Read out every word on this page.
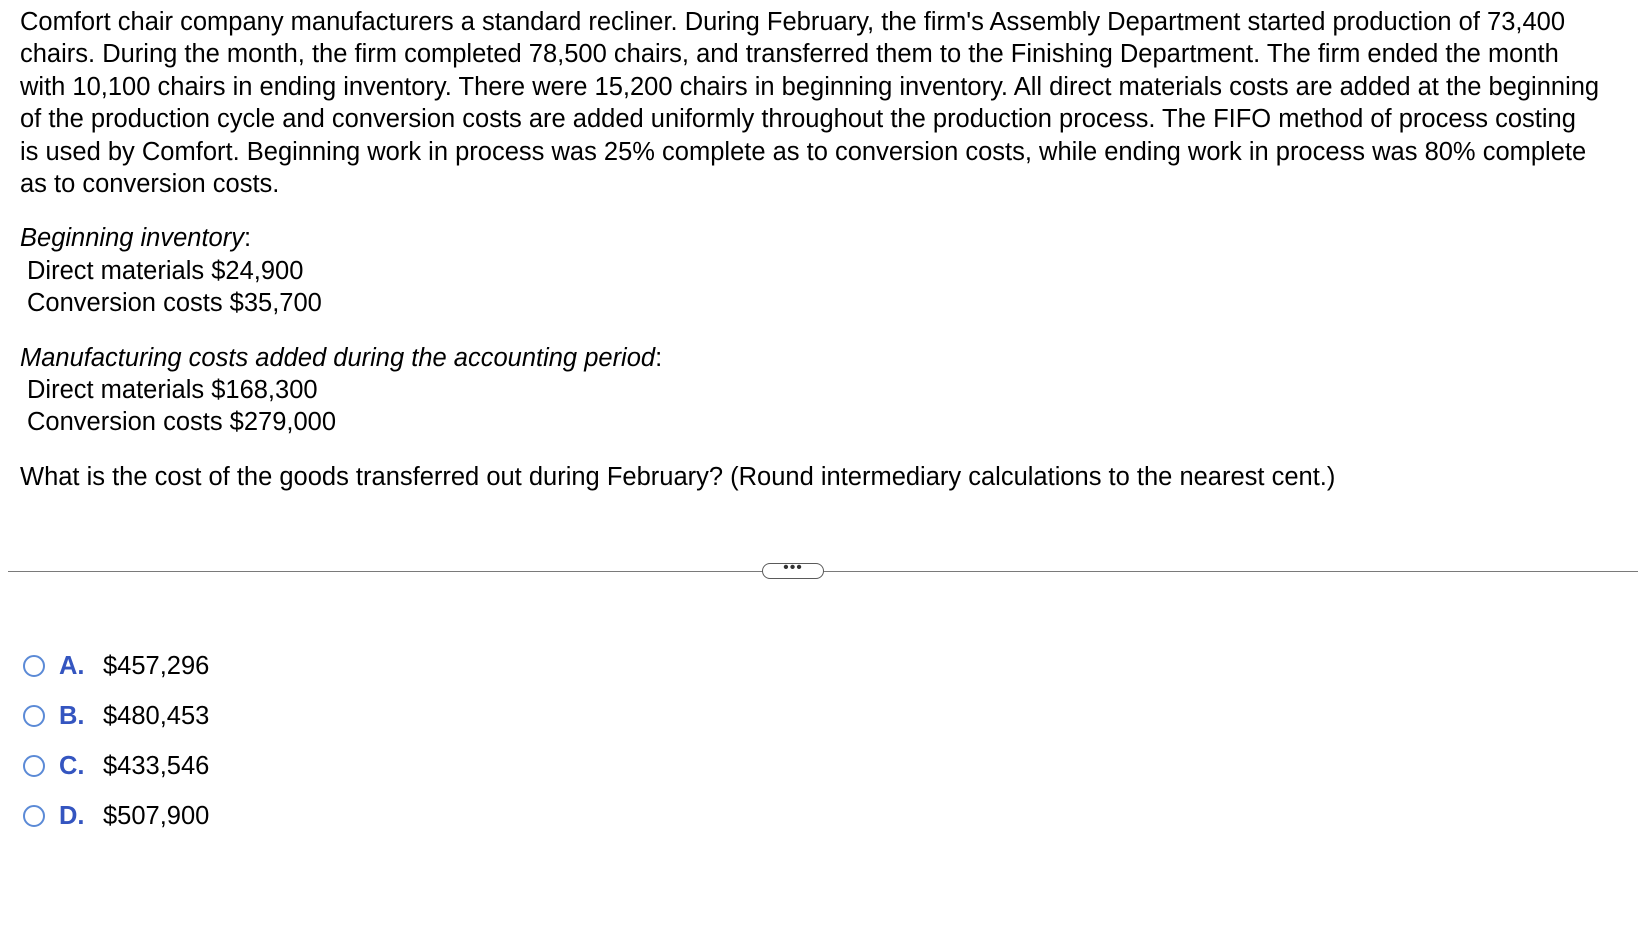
Comfort chair company manufacturers a standard recliner. During February, the firm's Assembly Department started production of 73,400 chairs. During the month, the firm completed 78,500 chairs, and transferred them to the Finishing Department. The firm ended the month with 10,100 chairs in ending inventory. There were 15,200 chairs in beginning inventory. All direct materials costs are added at the beginning of the production cycle and conversion costs are added uniformly throughout the production process. The FIFO method of process costing is used by Comfort. Beginning work in process was 25% complete as to conversion costs, while ending work in process was 80% complete as to conversion costs.

Beginning inventory:
Direct materials $24,900
Conversion costs $35,700
Manufacturing costs added during the accounting period:
Direct materials $168,300
Conversion costs $279,000

What is the cost of the goods transferred out during February? (Round intermediary calculations to the nearest cent.)

•••
A. $457,296
B. $480,453
C. $433,546
D. $507,900
